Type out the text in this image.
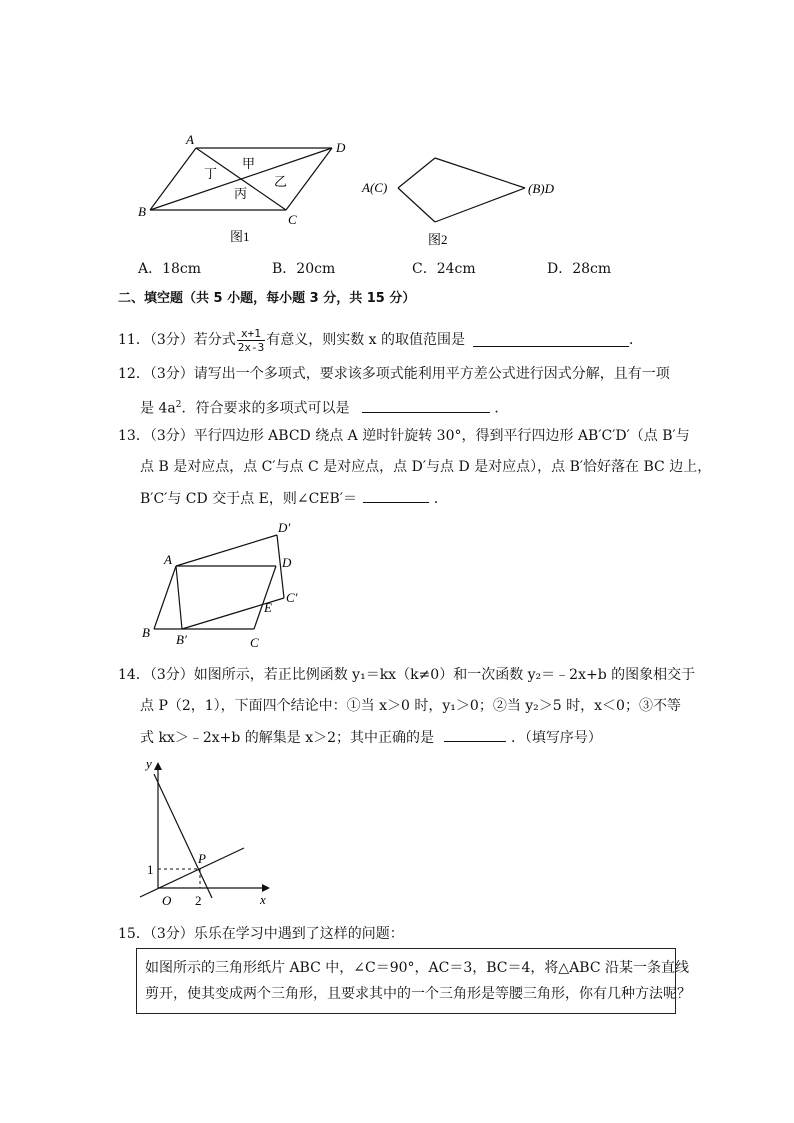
A
D
B
C
甲
乙
丙
丁
图1
A(C)	(B)D
图2
A．18cm	B．20cm	C．24cm	D．28cm
二、填空题（共 5 小题，每小题 3 分，共 15 分）
11．（3分）若分式 $\frac{x+1}{2x-3}$ 有意义，则实数 x 的取值范围是	．
12．（3分）请写出一个多项式，要求该多项式能利用平方差公式进行因式分解，且有一项
是 $4a^2$．符合要求的多项式可以是	．
13．（3分）平行四边形 ABCD 绕点 A 逆时针旋转 30°，得到平行四边形 AB′C′D′（点 B′与
点 B 是对应点，点 C′与点 C 是对应点，点 D′与点 D 是对应点），点 B′恰好落在 BC 边上，
B′C′与 CD 交于点 E，则∠CEB′＝	．
D′
A	D
C′
E
B B′	C
14．（3分）如图所示，若正比例函数 y₁＝kx（k≠0）和一次函数 y₂＝﹣2x+b 的图象相交于
点 P（2，1），下面四个结论中：①当 x＞0 时，y₁＞0；②当 y₂＞5 时，x＜0；③不等
式 kx＞﹣2x+b 的解集是 x＞2；其中正确的是	．（填写序号）
y
x
O
1
2
P
15．（3分）乐乐在学习中遇到了这样的问题：
如图所示的三角形纸片 ABC 中，∠C＝90°，AC＝3，BC＝4，将△ABC 沿某一条直线
剪开，使其变成两个三角形，且要求其中的一个三角形是等腰三角形，你有几种方法呢？
